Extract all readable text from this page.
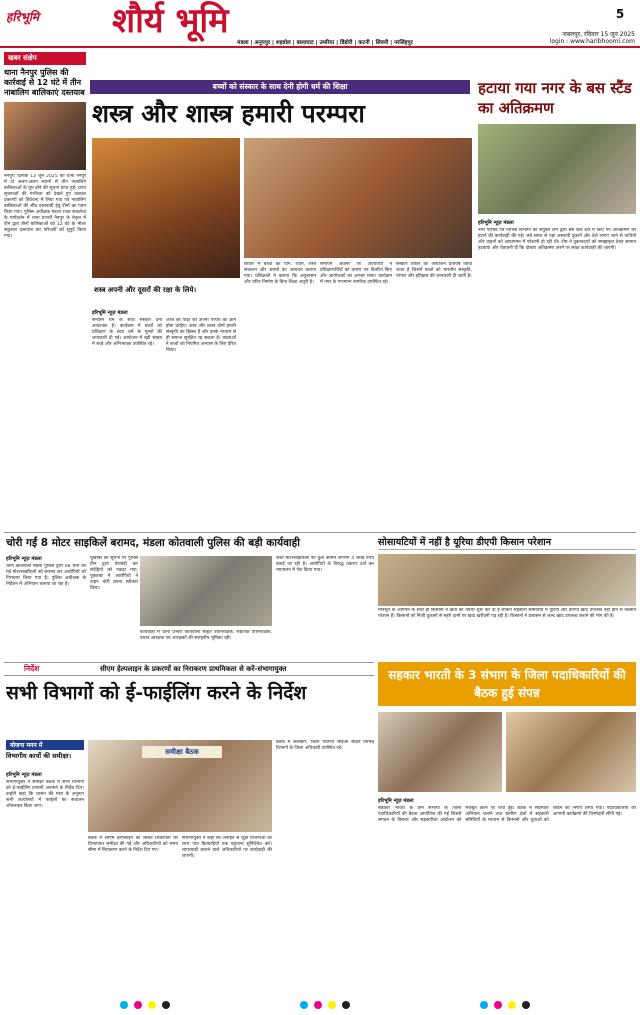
हरिभूमि शौर्य भूमि	5
जबलपुर, रविवार 15 जून 2025
login : www.haribhoomi.com
मंडला | अनूपपुर | शहडोल | बालाघाट | उमरिया | डिंडोरी | कटनी | सिवनी | नरसिंहपुर
खबर संक्षेप
थाना नैनपुर पुलिस की कार्रवाई से 12 घंटे में तीन नाबालिग बालिकाएं दस्तयाब
नैनपुर। दिनांक 13 जून 2025 को थाना नैनपुर में दो अलग-अलग स्थानों से तीन नाबालिग बालिकाओं के घूम होने की सूचना प्राप्त हुई। प्राप्त सूचनाओं की गंभीरता को देखते हुए तत्काल प्रकरणों को विवेचना में लिया गया एवं नाबालिग बालिकाओं की शीघ्र दस्तयाबी हेतु टीमों का गठन किया गया। पुलिस अधीक्षक मंडला रजत सकलेचा के मार्गदर्शन में थाना प्रभारी नैनपुर के नेतृत्व में टीम द्वारा तीनों बालिकाओं को 12 घंटे के भीतर सकुशल दस्तयाब कर परिजनों को सुपुर्द किया गया।
बच्चों को संस्कार के साथ देनी होगी धर्म की शिक्षा
शस्त्र और शास्त्र हमारी परम्परा
शस्त्र अपनी और दूसरों की रक्षा के लिये।
हरिभूमि न्यूज़ मंडला
सनातन धर्म के साथ संस्कार देना आवश्यक है। कार्यक्रम में बच्चों को प्रशिक्षण के साथ धर्म के मूल्यों की जानकारी दी गई। आयोजन में बड़ी संख्या में बच्चे और अभिभावक उपस्थित रहे।
आज की पीढ़ी को अपनी परंपरा का ज्ञान होना चाहिए। शस्त्र और शास्त्र दोनों हमारी संस्कृति का हिस्सा हैं और इनके माध्यम से ही समाज सुरक्षित रह सकता है। वक्ताओं ने बच्चों को नियमित अभ्यास के लिए प्रेरित किया।
शिविर में बच्चों को योग, ध्यान, शस्त्र संचालन और शास्त्रों का अध्ययन कराया गया। प्रशिक्षकों ने बताया कि अनुशासन और चरित्र निर्माण के बिना शिक्षा अधूरी है।
समापन अवसर पर अतिथियों ने प्रशिक्षणार्थियों को प्रमाण पत्र वितरित किए और आयोजकों का आभार माना। कार्यक्रम में नगर के गणमान्य नागरिक उपस्थित रहे।
संस्कार शिविर का आयोजन प्रतिवर्ष किया जाता है जिसमें बच्चों को भारतीय संस्कृति, परंपरा और इतिहास की जानकारी दी जाती है।
हटाया गया नगर के बस स्टैंड का अतिक्रमण
हरिभूमि न्यूज़ मंडला
नगर परिषद एवं विभिन्न विभागों की संयुक्त टीम द्वारा बस स्टैंड क्षेत्र में किए गए अतिक्रमण को हटाने की कार्यवाही की गई। लंबे समय से यहां अस्थायी दुकानें और ठेले लगाए जाने से यात्रियों और वाहनों को आवागमन में परेशानी हो रही थी। टीम ने दुकानदारों को समझाइश देकर सामान हटवाया और चेतावनी दी कि दोबारा अतिक्रमण करने पर सख्त कार्यवाही की जाएगी।
चोरी गईं 8 मोटर साइकिलें बरामद, मंडला कोतवाली पुलिस की बड़ी कार्यवाही
हरिभूमि न्यूज़ मंडला
थाना कोतवाली मंडला पुलिस द्वारा 08 चोरी की गई मोटरसाइकिलों को बरामद कर आरोपियों को गिरफ्तार किया गया है। पुलिस अधीक्षक के निर्देशन में अभियान चलाया जा रहा है।
मुखबिर की सूचना पर पुलिस टीम द्वारा घेराबंदी कर संदेहियों को पकड़ा गया, पूछताछ में आरोपियों ने वाहन चोरी करना स्वीकार किया।
जब्त मोटरसाइकिलों की कुल कीमत लगभग 4 लाख रुपये बताई जा रही है। आरोपियों के विरुद्ध प्रकरण दर्ज कर न्यायालय में पेश किया गया।
कार्यवाही में थाना प्रभारी कोतवाली सहित उपनिरीक्षक, सहायक उपनिरीक्षक, प्रधान आरक्षक एवं आरक्षकों की सराहनीय भूमिका रही।
सोसायटियों में नहीं है यूरिया डीएपी किसान परेशान
मानसून के आगमन के साथ ही किसानों ने खेती की तैयारी शुरू कर दी है लेकिन सहकारी समितियों में यूरिया और डीएपी खाद उपलब्ध नहीं होने से किसान परेशान हैं। किसानों को निजी दुकानों से महंगे दामों पर खाद खरीदनी पड़ रही है। किसानों ने प्रशासन से जल्द खाद उपलब्ध कराने की मांग की है।
निर्देश	सीएम हेल्पलाइन के प्रकरणों का निराकरण प्राथमिकता से करें-संभागायुक्त
सभी विभागों को ई-फाईलिंग करने के निर्देश
योजना मनन में
विभागीय कार्यो की समीक्षा।
हरिभूमि न्यूज़ मंडला
संभागायुक्त ने समीक्षा बैठक में सभी विभागों को ई-फाईलिंग प्रणाली अपनाने के निर्देश दिए। उन्होंने कहा कि शासन की मंशा के अनुरूप सभी कार्यालयों में फाईलों का संचालन ऑनलाइन किया जाए।
समीक्षा बैठक
बैठक में सीएम हेल्पलाइन की लंबित शिकायतों की विभागवार समीक्षा की गई और अधिकारियों को समय सीमा में निराकरण करने के निर्देश दिए गए।
संभागायुक्त ने कहा कि जनहित से जुड़ी योजनाओं का लाभ पात्र हितग्राहियों तक पहुंचाना सुनिश्चित करें। लापरवाही बरतने वाले अधिकारियों पर कार्यवाही की जाएगी।
बैठक में कलेक्टर, जिला पंचायत सीईओ सहित विभिन्न विभागों के जिला अधिकारी उपस्थित रहे।
सहकार भारती के 3 संभाग के जिला पदाधिकारियों की बैठक हुई संपन्न
हरिभूमि न्यूज़ मंडला
सहकार भारती के तीन संभागों के जिला पदाधिकारियों की बैठक आयोजित की गई जिसमें संगठन के विस्तार और सहकारिता आंदोलन को मजबूत करने पर चर्चा हुई। बैठक में सदस्यता अभियान चलाने तथा ग्रामीण क्षेत्रों में सहकारी समितियों के माध्यम से किसानों और युवाओं को जोड़ने का निर्णय लिया गया। पदाधिकारियों को आगामी कार्यक्रमों की जिम्मेदारी सौंपी गई।
